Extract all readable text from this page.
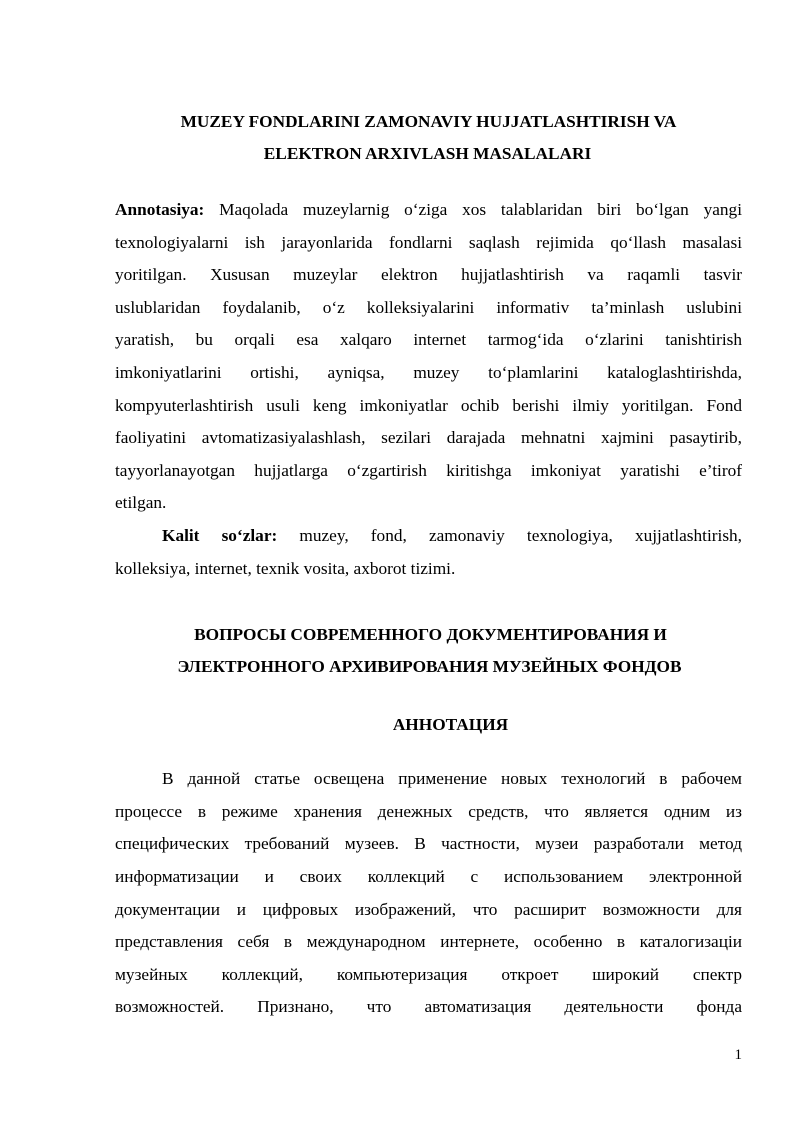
MUZEY FONDLARINI ZAMONAVIY HUJJATLASHTIRISH VA
ELEKTRON ARXIVLASH MASALALARI

Annotasiya: Maqolada muzeylarnig o‘ziga xos talablaridan biri bo‘lgan yangi
texnologiyalarni ish jarayonlarida fondlarni saqlash rejimida qo‘llash masalasi
yoritilgan. Xususan muzeylar elektron hujjatlashtirish va raqamli tasvir
uslublaridan foydalanib, o‘z kolleksiyalarini informativ ta’minlash uslubini
yaratish, bu orqali esa xalqaro internet tarmog‘ida o‘zlarini tanishtirish
imkoniyatlarini ortishi, ayniqsa, muzey to‘plamlarini kataloglashtirishda,
kompyuterlashtirish usuli keng imkoniyatlar ochib berishi ilmiy yoritilgan. Fond
faoliyatini avtomatizasiyalashlash, sezilari darajada mehnatni xajmini pasaytirib,
tayyorlanayotgan hujjatlarga o‘zgartirish kiritishga imkoniyat yaratishi e’tirof
etilgan.
Kalit so‘zlar: muzey, fond, zamonaviy texnologiya, xujjatlashtirish,
kolleksiya, internet, texnik vosita, axborot tizimi.

ВОПРОСЫ СОВРЕМЕННОГО ДОКУМЕНТИРОВАНИЯ И ЭЛЕКТРОННОГО АРХИВИРОВАНИЯ МУЗЕЙНЫХ ФОНДОВ

АННОТАЦИЯ

В данной статье освещена применение новых технологий в рабочем
процессе в режиме хранения денежных средств, что является одним из
специфических требований музеев. В частности, музеи разработали метод
информатизации и своих коллекций с использованием электронной
документации и цифровых изображений, что расширит возможности для
представления себя в международном интернете, особенно в каталогизаціи
музейных коллекций, компьютеризация откроет широкий спектр
возможностей. Признано, что автоматизация деятельности фонда
1
